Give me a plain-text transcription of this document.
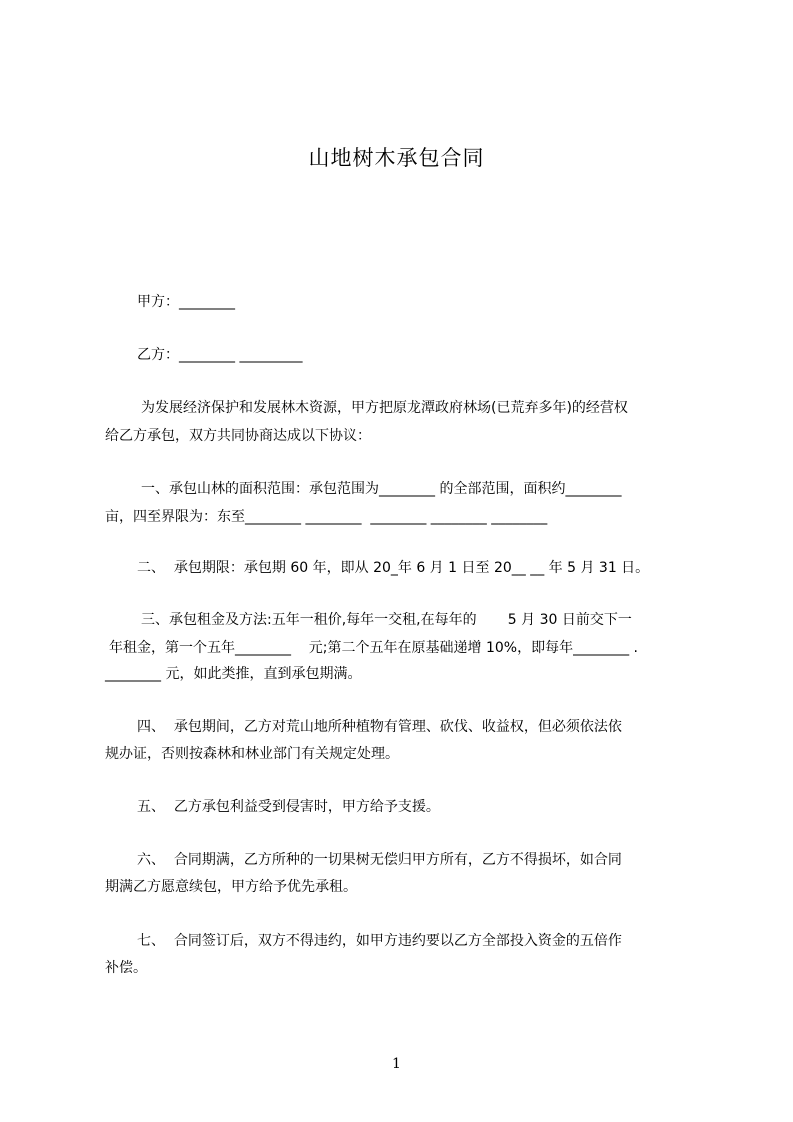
山地树木承包合同
甲方：________
乙方：________ _________
为发展经济保护和发展林木资源，甲方把原龙潭政府林场(已荒弃多年)的经营权
给乙方承包，双方共同协商达成以下协议：
一、承包山林的面积范围：承包范围为________ 的全部范围，面积约________
亩，四至界限为：东至________ ________  ________ ________ ________
二、  承包期限：承包期 60 年，即从 20_年 6 月 1 日至 20__ __ 年 5 月 31 日。
三、承包租金及方法:五年一租价,每年一交租,在每年的       5 月 30 日前交下一
年租金，第一个五年________    元;第二个五年在原基础递增 10%，即每年________ .
________ 元，如此类推，直到承包期满。
四、  承包期间，乙方对荒山地所种植物有管理、砍伐、收益权，但必须依法依
规办证，否则按森林和林业部门有关规定处理。
五、  乙方承包利益受到侵害时，甲方给予支援。
六、  合同期满，乙方所种的一切果树无偿归甲方所有，乙方不得损坏，如合同
期满乙方愿意续包，甲方给予优先承租。
七、  合同签订后，双方不得违约，如甲方违约要以乙方全部投入资金的五倍作
补偿。
1
